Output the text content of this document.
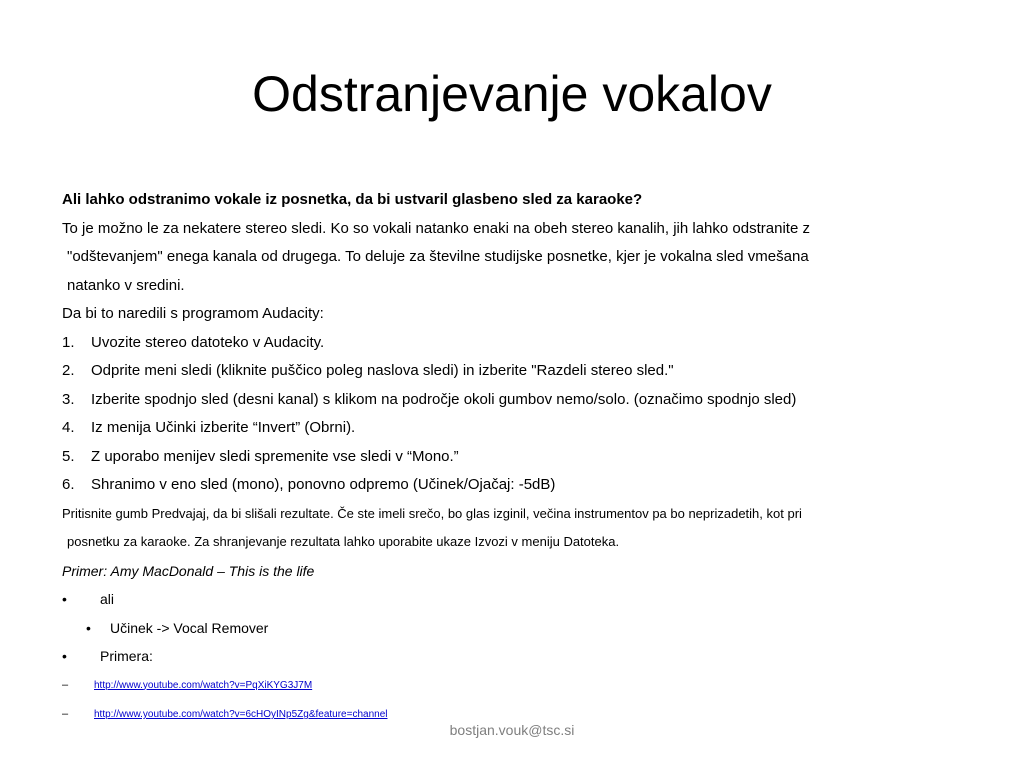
Odstranjevanje vokalov

Ali lahko odstranimo vokale iz posnetka, da bi ustvaril glasbeno sled za karaoke?

To je možno le za nekatere stereo sledi. Ko so vokali natanko enaki na obeh stereo kanalih, jih lahko odstranite z

"odštevanjem" enega kanala od drugega. To deluje za številne studijske posnetke, kjer je vokalna sled vmešana

natanko v sredini.

Da bi to naredili s programom Audacity:

1. Uvozite stereo datoteko v Audacity.

2. Odprite meni sledi (kliknite puščico poleg naslova sledi) in izberite "Razdeli stereo sled."

3. Izberite spodnjo sled (desni kanal) s klikom na področje okoli gumbov nemo/solo. (označimo spodnjo sled)

4. Iz menija Učinki izberite “Invert” (Obrni).

5. Z uporabo menijev sledi spremenite vse sledi v “Mono.”

6. Shranimo v eno sled (mono), ponovno odpremo (Učinek/Ojačaj: -5dB)

Pritisnite gumb Predvajaj, da bi slišali rezultate. Če ste imeli srečo, bo glas izginil, večina instrumentov pa bo neprizadetih, kot pri

posnetku za karaoke. Za shranjevanje rezultata lahko uporabite ukaze Izvozi v meniju Datoteka.

Primer: Amy MacDonald – This is the life

• ali

• Učinek -> Vocal Remover

• Primera:

–	http://www.youtube.com/watch?v=PqXiKYG3J7M

–	http://www.youtube.com/watch?v=6cHOyINp5Zg&feature=channel

bostjan.vouk@tsc.si
